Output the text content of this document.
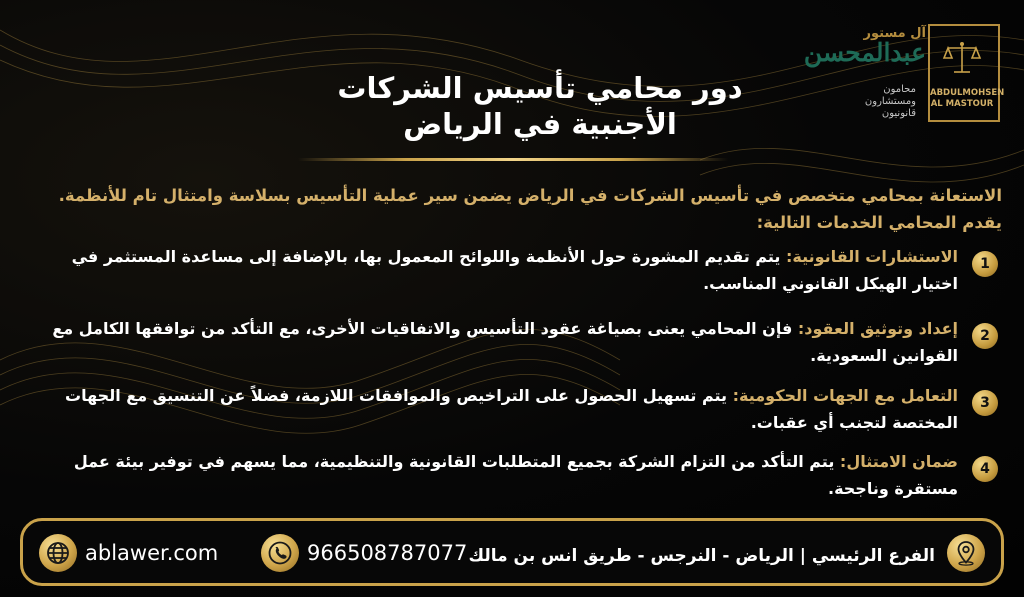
ABDULMOHSEN
AL MASTOUR
آل مستور
عبدالمحسن
محامون ومستشارون قانونيون
دور محامي تأسيس الشركات الأجنبية في الرياض
الاستعانة بمحامي متخصص في تأسيس الشركات في الرياض يضمن سير عملية التأسيس بسلاسة وامتثال تام للأنظمة. يقدم المحامي الخدمات التالية:
1
الاستشارات القانونية: يتم تقديم المشورة حول الأنظمة واللوائح المعمول بها، بالإضافة إلى مساعدة المستثمر في اختيار الهيكل القانوني المناسب.
2
إعداد وتوثيق العقود: فإن المحامي يعنى بصياغة عقود التأسيس والاتفاقيات الأخرى، مع التأكد من توافقها الكامل مع القوانين السعودية.
3
التعامل مع الجهات الحكومية: يتم تسهيل الحصول على التراخيص والموافقات اللازمة، فضلاً عن التنسيق مع الجهات المختصة لتجنب أي عقبات.
4
ضمان الامتثال: يتم التأكد من التزام الشركة بجميع المتطلبات القانونية والتنظيمية، مما يسهم في توفير بيئة عمل مستقرة وناجحة.
ablawer.com	966508787077 الفرع الرئيسي | الرياض - النرجس - طريق انس بن مالك
